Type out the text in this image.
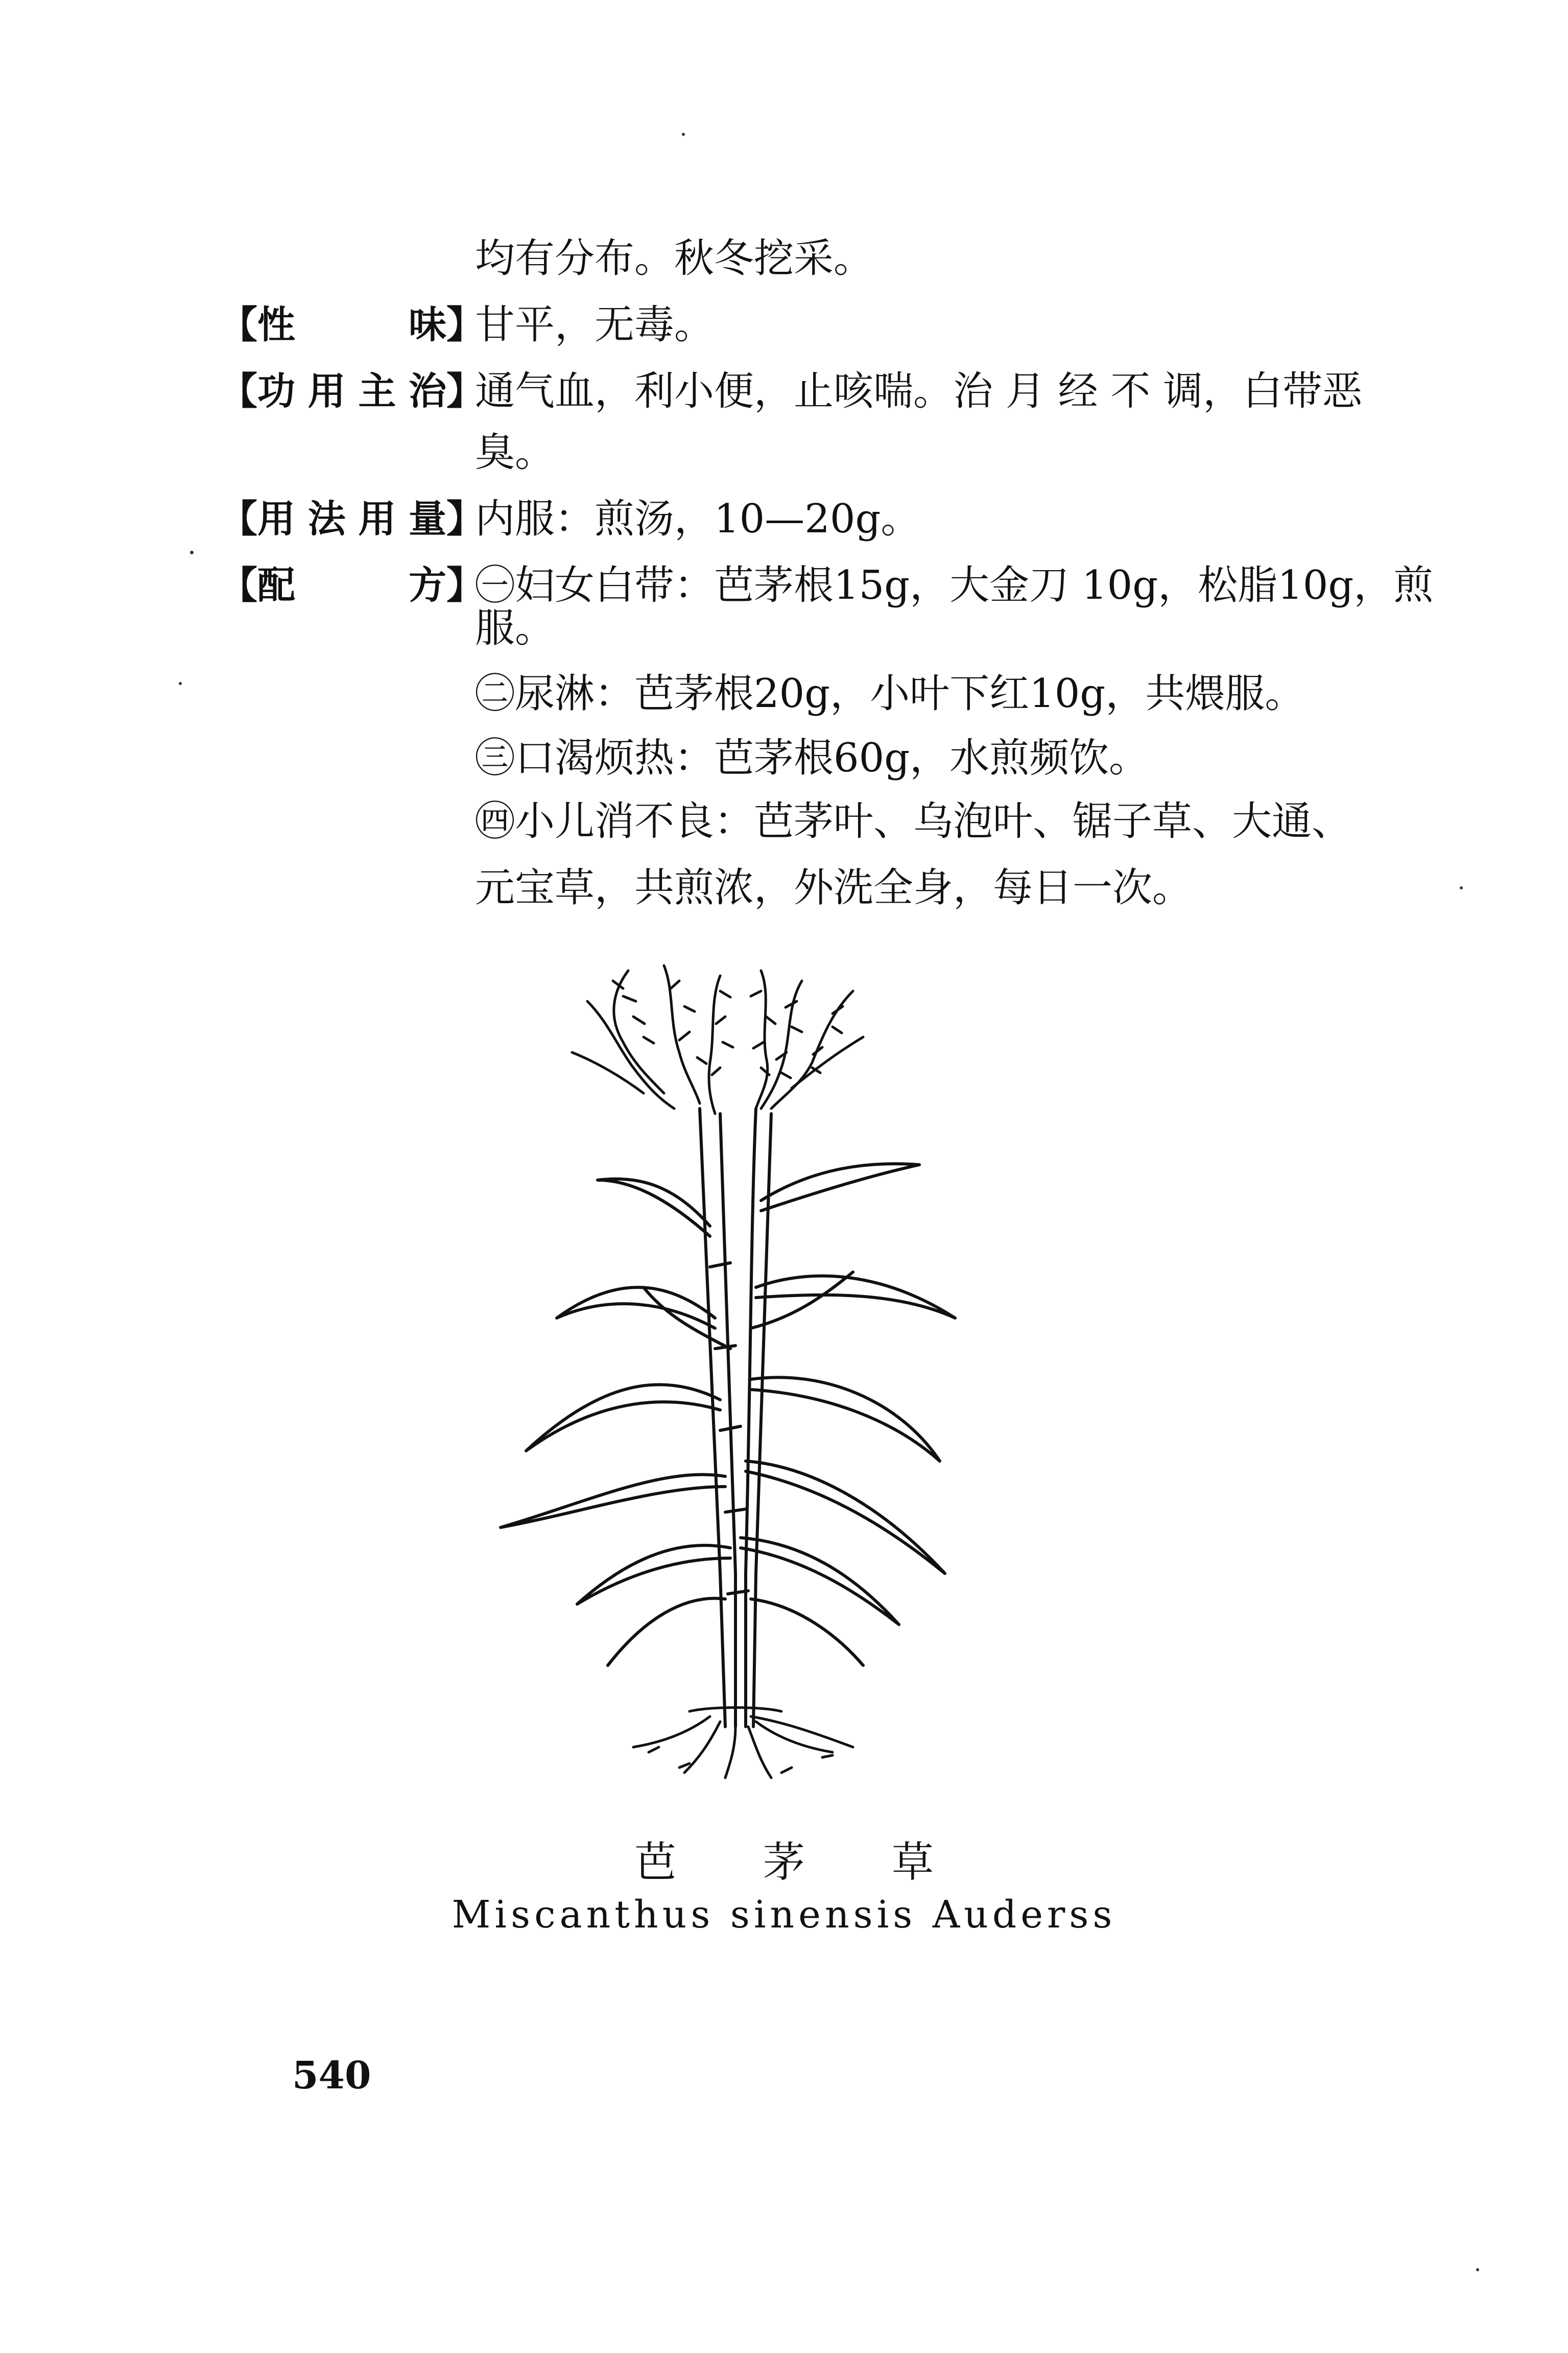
均有分布。秋冬挖采。
【性味】
甘平，无毒。
【功用主治】
通气血，利小便，止咳喘。治 月 经 不 调，白带恶
臭。
【用法用量】
内服：煎汤，10—20g。
【配方】
㊀妇女白带：芭茅根15g，大金刀 10g，松脂10g，煎
服。
㊁尿淋：芭茅根20g，小叶下红10g，共煨服。
㊂口渴烦热：芭茅根60g，水煎频饮。
㊃小儿消不良：芭茅叶、乌泡叶、锯子草、大通、
元宝草，共煎浓，外洗全身，每日一次。
芭茅草
Miscanthus sinensis Auderss
540
